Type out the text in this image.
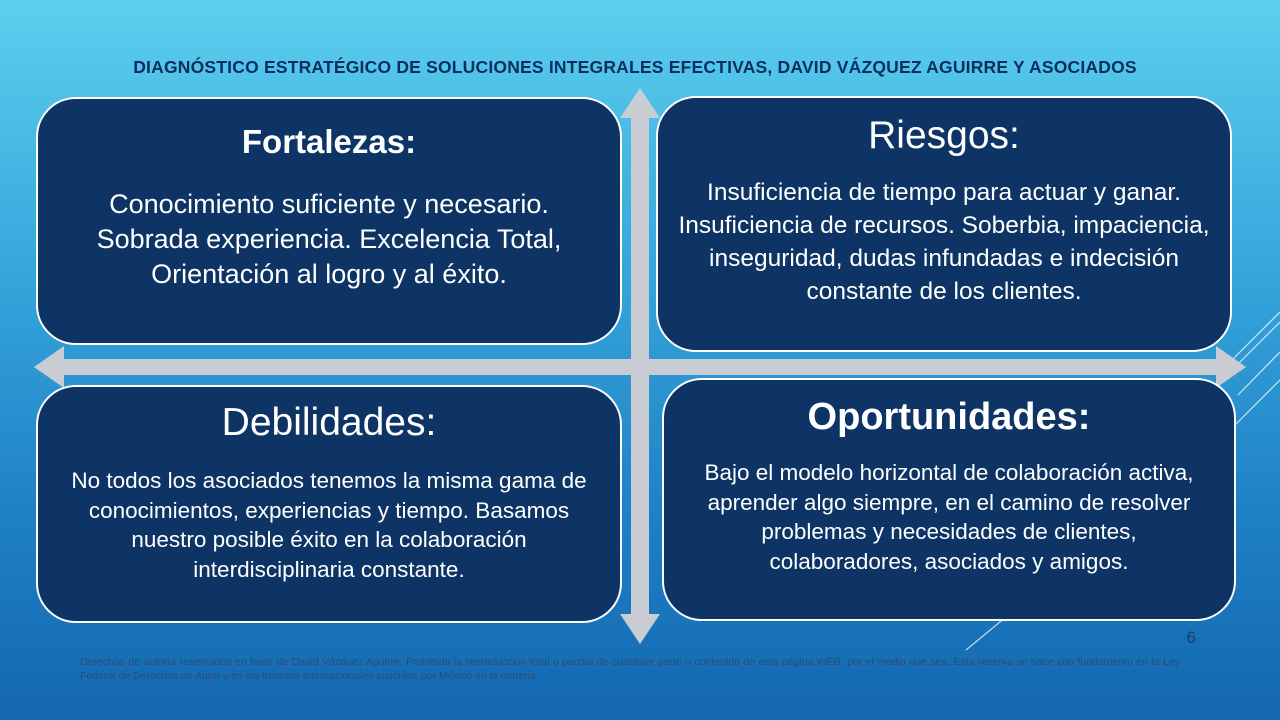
DIAGNÓSTICO ESTRATÉGICO DE SOLUCIONES INTEGRALES EFECTIVAS, DAVID VÁZQUEZ AGUIRRE Y ASOCIADOS
Fortalezas:
Conocimiento suficiente y necesario. Sobrada experiencia. Excelencia Total, Orientación al logro y al éxito.
Riesgos:
Insuficiencia de tiempo para actuar y ganar. Insuficiencia de recursos. Soberbia, impaciencia, inseguridad, dudas infundadas e indecisión constante de los clientes.
Debilidades:
No todos los asociados tenemos la misma gama de conocimientos, experiencias y tiempo. Basamos nuestro posible éxito en la colaboración interdisciplinaria constante.
Oportunidades:
Bajo el modelo horizontal de colaboración activa, aprender algo siempre, en el camino de resolver problemas y necesidades de clientes, colaboradores, asociados y amigos.
6
Derechos de autoría reservados en favor de David Vázquez Aguirre. Prohibida la reproducción total o parcial de cualquier parte o contenido de esta página WEB, por el medio que sea. Esta reserva se hace con fundamento en la Ley Federal de Derechos de Autor y en los tratados internacionales suscritos por México en la materia.
